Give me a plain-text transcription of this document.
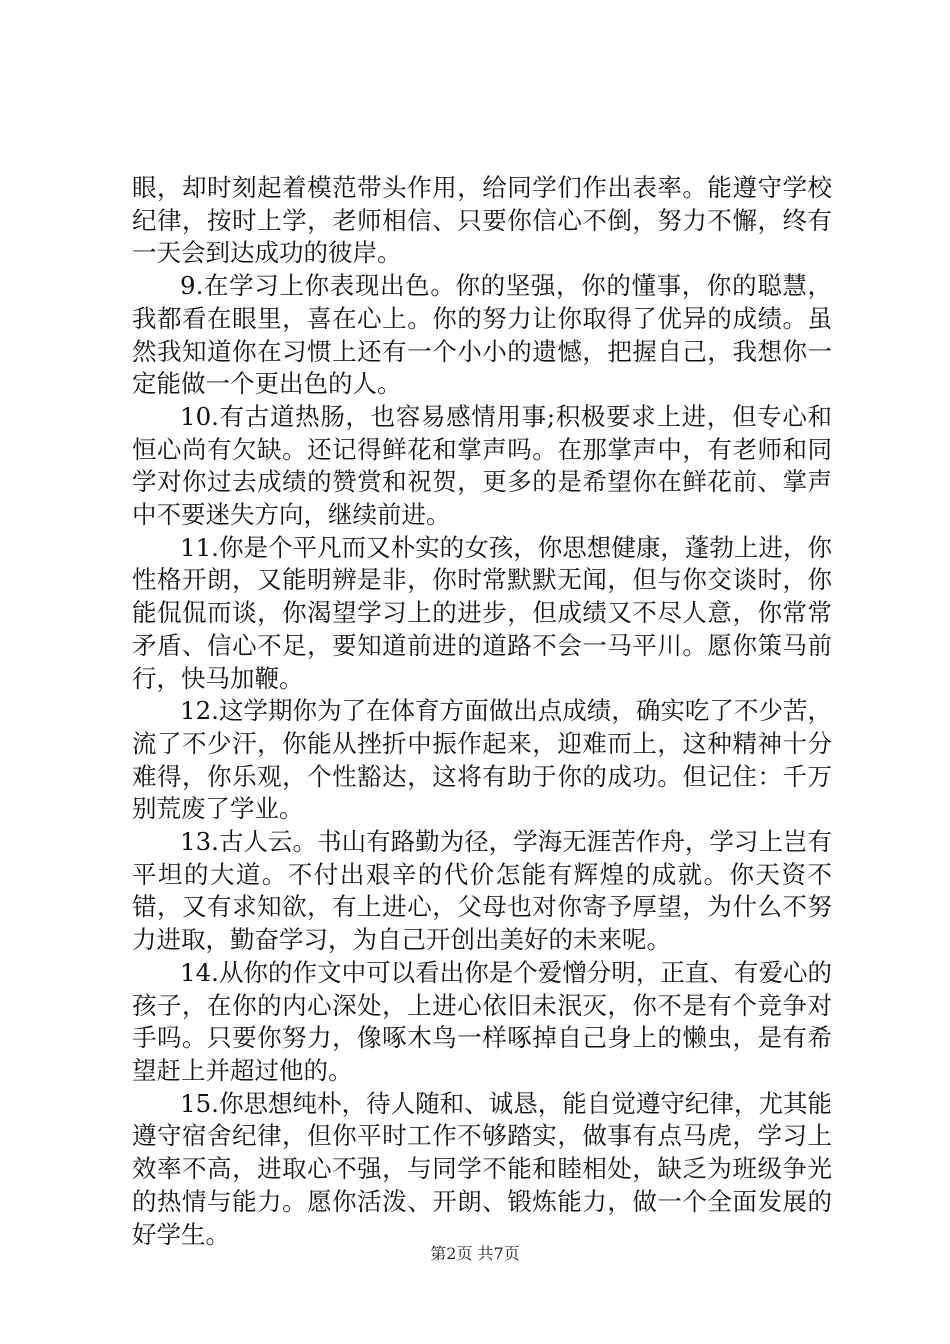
眼，却时刻起着模范带头作用，给同学们作出表率。能遵守学校纪律，按时上学，老师相信、只要你信心不倒，努力不懈，终有一天会到达成功的彼岸。

9.在学习上你表现出色。你的坚强，你的懂事，你的聪慧，我都看在眼里，喜在心上。你的努力让你取得了优异的成绩。虽然我知道你在习惯上还有一个小小的遗憾，把握自己，我想你一定能做一个更出色的人。

10.有古道热肠，也容易感情用事;积极要求上进，但专心和恒心尚有欠缺。还记得鲜花和掌声吗。在那掌声中，有老师和同学对你过去成绩的赞赏和祝贺，更多的是希望你在鲜花前、掌声中不要迷失方向，继续前进。

11.你是个平凡而又朴实的女孩，你思想健康，蓬勃上进，你性格开朗，又能明辨是非，你时常默默无闻，但与你交谈时，你能侃侃而谈，你渴望学习上的进步，但成绩又不尽人意，你常常矛盾、信心不足，要知道前进的道路不会一马平川。愿你策马前行，快马加鞭。

12.这学期你为了在体育方面做出点成绩，确实吃了不少苦，流了不少汗，你能从挫折中振作起来，迎难而上，这种精神十分难得，你乐观，个性豁达，这将有助于你的成功。但记住：千万别荒废了学业。

13.古人云。书山有路勤为径，学海无涯苦作舟，学习上岂有平坦的大道。不付出艰辛的代价怎能有辉煌的成就。你天资不错，又有求知欲，有上进心，父母也对你寄予厚望，为什么不努力进取，勤奋学习，为自己开创出美好的未来呢。

14.从你的作文中可以看出你是个爱憎分明，正直、有爱心的孩子，在你的内心深处，上进心依旧未泯灭，你不是有个竞争对手吗。只要你努力，像啄木鸟一样啄掉自己身上的懒虫，是有希望赶上并超过他的。

15.你思想纯朴，待人随和、诚恳，能自觉遵守纪律，尤其能遵守宿舍纪律，但你平时工作不够踏实，做事有点马虎，学习上效率不高，进取心不强，与同学不能和睦相处，缺乏为班级争光的热情与能力。愿你活泼、开朗、锻炼能力，做一个全面发展的好学生。

第2页 共7页
